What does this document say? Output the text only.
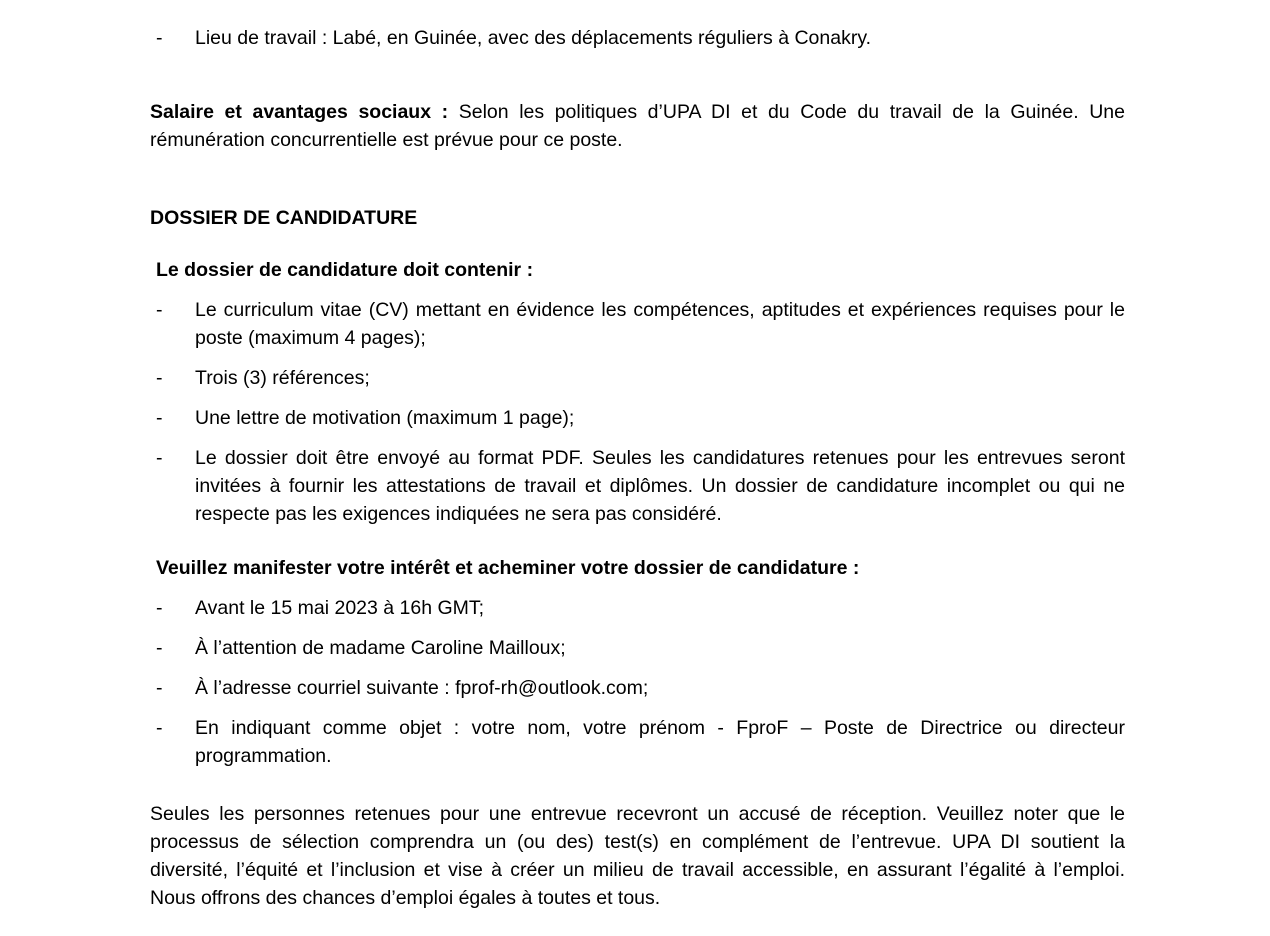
- Lieu de travail : Labé, en Guinée, avec des déplacements réguliers à Conakry.

Salaire et avantages sociaux : Selon les politiques d’UPA DI et du Code du travail de la Guinée. Une rémunération concurrentielle est prévue pour ce poste.

DOSSIER DE CANDIDATURE

Le dossier de candidature doit contenir :

- Le curriculum vitae (CV) mettant en évidence les compétences, aptitudes et expériences requises pour le poste (maximum 4 pages);

- Trois (3) références;

- Une lettre de motivation (maximum 1 page);

- Le dossier doit être envoyé au format PDF. Seules les candidatures retenues pour les entrevues seront invitées à fournir les attestations de travail et diplômes. Un dossier de candidature incomplet ou qui ne respecte pas les exigences indiquées ne sera pas considéré.

Veuillez manifester votre intérêt et acheminer votre dossier de candidature :

- Avant le 15 mai 2023 à 16h GMT;

- À l’attention de madame Caroline Mailloux;

- À l’adresse courriel suivante : fprof-rh@outlook.com;

- En indiquant comme objet : votre nom, votre prénom - FproF – Poste de Directrice ou directeur programmation.

Seules les personnes retenues pour une entrevue recevront un accusé de réception. Veuillez noter que le processus de sélection comprendra un (ou des) test(s) en complément de l’entrevue. UPA DI soutient la diversité, l’équité et l’inclusion et vise à créer un milieu de travail accessible, en assurant l’égalité à l’emploi. Nous offrons des chances d’emploi égales à toutes et tous.
